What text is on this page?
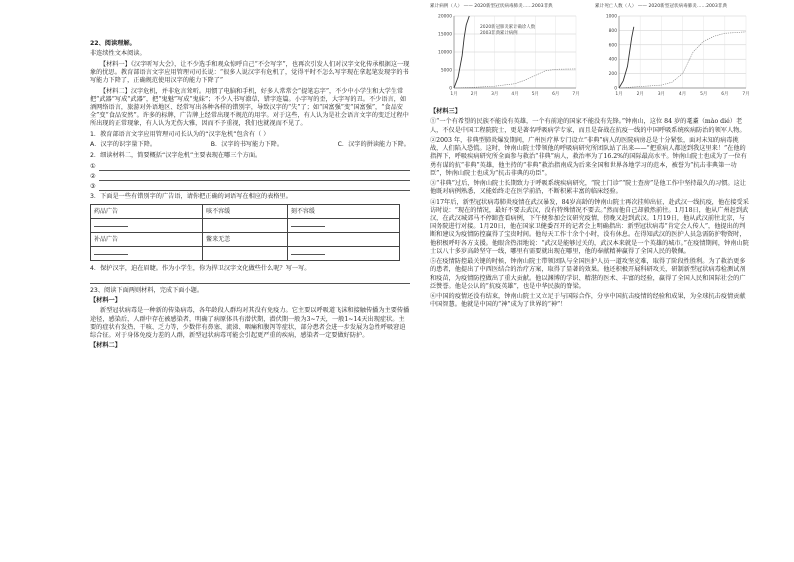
22、阅读理解。

非连续性文本阅读。

【材料一】《汉字听写大会》，让不少选手和观众惊呼自己“不会写字”，也再次引发人们对汉字文化传承根据这一现象的忧思。教育部语言文字应用管理司司长说：“很多人说汉字有危机了，觉得平时不怎么写字现在拿起笔发现字的书写能力下降了，正确规范使用汉字的能力下降了”

【材料二】汉字危机，并非危言耸听。用惯了电脑和手机，好多人常常会“提笔忘字”，不少中小学生和大学生常把“武器”写成“武器”，把“鬼魅”写成“鬼妹”；不少人书写潦草，错字连篇。小字写的歪，大字写的丑。不少语言，如酒网络语言，旅游对外语地区、经常写出各种各样的错别字，导致汉字的“失”了；如“国富强”变“国富强”，“食品安全”变“食品安然”。许多的标牌，广告牌上经常出现不规范的用字。对于这些，有人认为是社会语言文字的变迁过程中所出现的正常现象，有人认为无伤大雅，因而不予重视，我们也就视而不见了。

1．教育部语言文字应用管理司司长认为的“汉字危机”包含有（ ）

A．汉字的识字量下降。	B．汉字的书写能力下降。	C．汉字的拼读能力下降。

2．细读材料二，简要概括“汉字危机”主要表现在哪三个方面。

①
②
③

3．下面是一些有错别字的广告语，请你把正确的词语写在相应的表格里。

药品广告	咳不容缓	刻不容缓

补品广告	鳖来无恙	

4．保护汉字，迫在眉睫。作为小学生，你为捍卫汉字文化做些什么呢？写一写。

23、阅读下面两则材料，完成下面小题。

【材料一】

新型冠状病毒是一种新的传染病毒，各年龄段人群均对其没有免疫力。它主要以呼吸道飞沫和接触传播为主要传播途径，感染后，人群中存在被感染者，明确了病原体具有潜伏期，潜伏期一般为3~7天，一般1~14天出现症状。主要的症状有发热、干咳、乏力等，少数伴有鼻塞、流涕、咽痛和腹泻等症状，部分患者会进一步发展为急性呼吸窘迫综合征。对于身体免疫力差的人群，新型冠状病毒可能会引起更严重的疾病，感染者一定要做好防护。

【材料二】

累计病例（人） —— 2020新型冠状病毒肺炎……2003非典
20000
15000
10000
5000
0
1月	2月	3月	4月	5月	6月	7月
2020新冠肺炎累计确诊人数
2003非典累计病例
累计死亡人数（人） —— 2020新型冠状病毒肺炎……2003非典
1000
800
600
400
200
0
1月	2月	3月	4月	5月	6月	7月

【材料三】

①“一个有希望的民族不能没有英雄，一个有前途的国家不能没有先锋。”钟南山，这位 84 岁的耄耋（mào dié）老人，不仅是中国工程院院士，更是著名呼吸病学专家，而且是奋战在抗疫一线的中国呼吸系统疾病防治的领军人物。

②2003 年，非典型肺炎爆发期间，广州医疗界专门设立“非典”病人的医院病房总是十分紧张，面对未知的病毒挑战，人们陷入恐慌。这时，钟南山院士带领他的呼吸病研究所团队站了出来——“把重病人都送到我这里来！”在他的指挥下，呼吸疾病研究所全面参与救治“非典”病人，救治率为了16.2%的国际最高水平。钟南山院士也成为了一位有勇有谋的抗“非典”英雄，他主持的“非典”救治指南成为后来全国和世界各地学习的范本，被誉为“抗击非典第一功臣”，钟南山院士也成为“抗击非典的功臣”。

③“非典”过后，钟南山院士长期致力于呼吸系统疾病研究，“院士门诊”“院士查房”是他工作中坚持最久的习惯。这让他既对病例熟悉，又能始终走在医学前沿，不断积累丰富的临床经验。

④17年后，新型冠状病毒肺炎疫情在武汉暴发，84岁高龄的钟南山院士再次挂帅出征，赴武汉一线抗疫，他在接受采访时说：“现在的情况，最好不要去武汉，没有特殊情况不要去。”然而他自己却毅然前往。1月18日，他从广州赶到武汉，在武汉城郊马不停蹄查看病例，下午便参加会议研究疫情，傍晚又赶到武汉。1月19日，他从武汉前往北京，与国务院进行对接。1月20日，他在国家卫健委召开的记者会上明确指出：新型冠状病毒“肯定会人传人”，他提出的判断和建议为疫情防控赢得了宝贵时间。他每天工作十余个小时，没有休息。在得知武汉的医护人员急需防护物资时，他积极呼吁各方支援。他眼含热泪地说：“武汉是能够过关的，武汉本来就是一个英雄的城市。”在疫情期间，钟南山院士以八十多岁高龄坚守一线，哪里有需要就出现在哪里，他的奉献精神赢得了全国人民的敬佩。

⑤在疫情防控最关键的时候，钟南山院士带领团队与全国医护人员一道攻坚克难，取得了阶段性胜利。为了救治更多的患者，他提出了中西医结合的治疗方案，取得了显著的效果。他还积极开展科研攻关，研制新型冠状病毒检测试剂和疫苗，为疫情防控做出了重大贡献。他以渊博的学识、精湛的医术、丰富的经验，赢得了全国人民和国际社会的广泛赞誉。他是公认的“抗疫英雄”，也是中华民族的脊梁。

⑥中国的疫情还没有结束，钟南山院士又立足于与国际合作，分享中国抗击疫情的经验和成果，为全球抗击疫情贡献中国智慧。他就是中国的“神”成为了世界的“神”！
